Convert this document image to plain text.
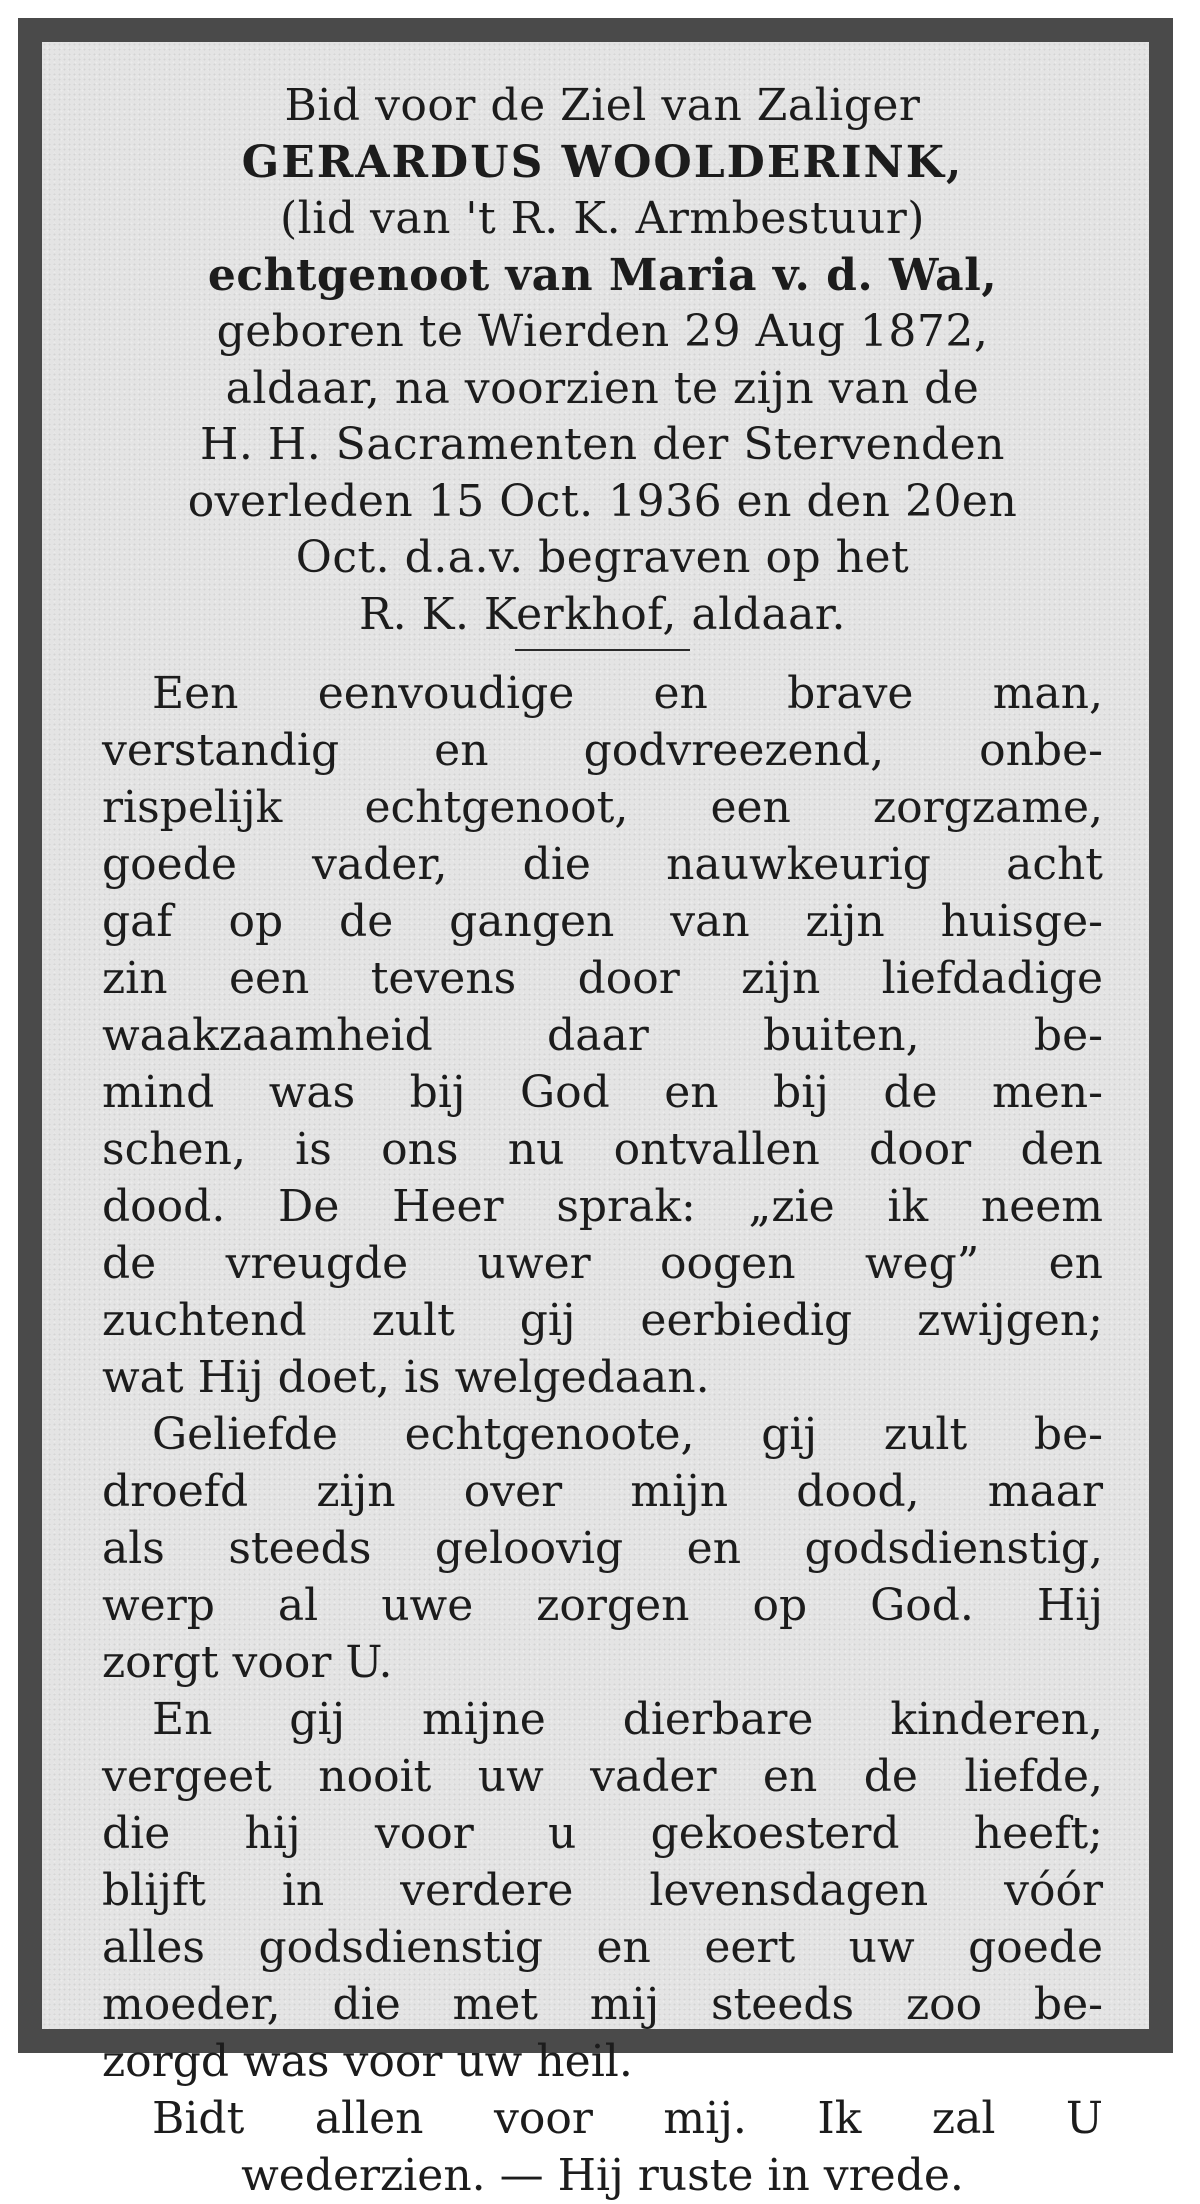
Bid voor de Ziel van Zaliger
GERARDUS WOOLDERINK,
(lid van 't R. K. Armbestuur)
echtgenoot van Maria v. d. Wal,
geboren te Wierden 29 Aug 1872,
aldaar, na voorzien te zijn van de
H. H. Sacramenten der Stervenden
overleden 15 Oct. 1936 en den 20en
Oct. d.a.v. begraven op het
R. K. Kerkhof, aldaar.

Een eenvoudige en brave man,
verstandig en godvreezend, onbe-
rispelijk echtgenoot, een zorgzame,
goede vader, die nauwkeurig acht
gaf op de gangen van zijn huisge-
zin een tevens door zijn liefdadige
waakzaamheid daar buiten, be-
mind was bij God en bij de men-
schen, is ons nu ontvallen door den
dood. De Heer sprak: „zie ik neem
de vreugde uwer oogen weg” en
zuchtend zult gij eerbiedig zwijgen;
wat Hij doet, is welgedaan.

Geliefde echtgenoote, gij zult be-
droefd zijn over mijn dood, maar
als steeds geloovig en godsdienstig,
werp al uwe zorgen op God. Hij
zorgt voor U.

En gij mijne dierbare kinderen,
vergeet nooit uw vader en de liefde,
die hij voor u gekoesterd heeft;
blijft in verdere levensdagen vóór
alles godsdienstig en eert uw goede
moeder, die met mij steeds zoo be-
zorgd was voor uw heil.

Bidt allen voor mij. Ik zal U
wederzien. — Hij ruste in vrede.
